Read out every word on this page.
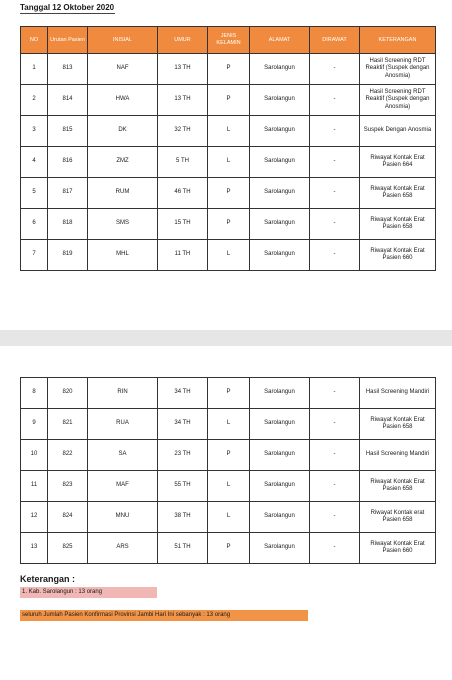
Tanggal 12 Oktober 2020
NO	Urutan Pasien	INISIAL	UMUR	JENIS KELAMIN	ALAMAT	DIRAWAT	KETERANGAN
1	813	NAF	13 TH	P	Sarolangun	-	Hasil Screening RDT Reaktif (Suspek dengan Anosmia)
2	814	HWA	13 TH	P	Sarolangun	-	Hasil Screening RDT Reaktif (Suspek dengan Anosmia)
3	815	DK	32 TH	L	Sarolangun	-	Suspek Dengan Anosmia
4	816	ZMZ	5 TH	L	Sarolangun	-	Riwayat Kontak Erat Pasien 664
5	817	RUM	46 TH	P	Sarolangun	-	Riwayat Kontak Erat Pasien 658
6	818	SMS	15 TH	P	Sarolangun	-	Riwayat Kontak Erat Pasien 658
7	819	MHL	11 TH	L	Sarolangun	-	Riwayat Kontak Erat Pasien 660
8	820	RIN	34 TH	P	Sarolangun	-	Hasil Screening Mandiri
9	821	RUA	34 TH	L	Sarolangun	-	Riwayat Kontak Erat Pasien 658
10	822	SA	23 TH	P	Sarolangun	-	Hasil Screening Mandiri
11	823	MAF	55 TH	L	Sarolangun	-	Riwayat Kontak Erat Pasien 658
12	824	MNU	38 TH	L	Sarolangun	-	Riwayat Kontak erat Pasien 658
13	825	ARS	51 TH	P	Sarolangun	-	Riwayat Kontak Erat Pasien 660
Keterangan :
1. Kab. Sarolangun : 13 orang
seluruh Jumlah Pasien Konfirmasi Provinsi Jambi Hari Ini sebanyak : 13 orang
